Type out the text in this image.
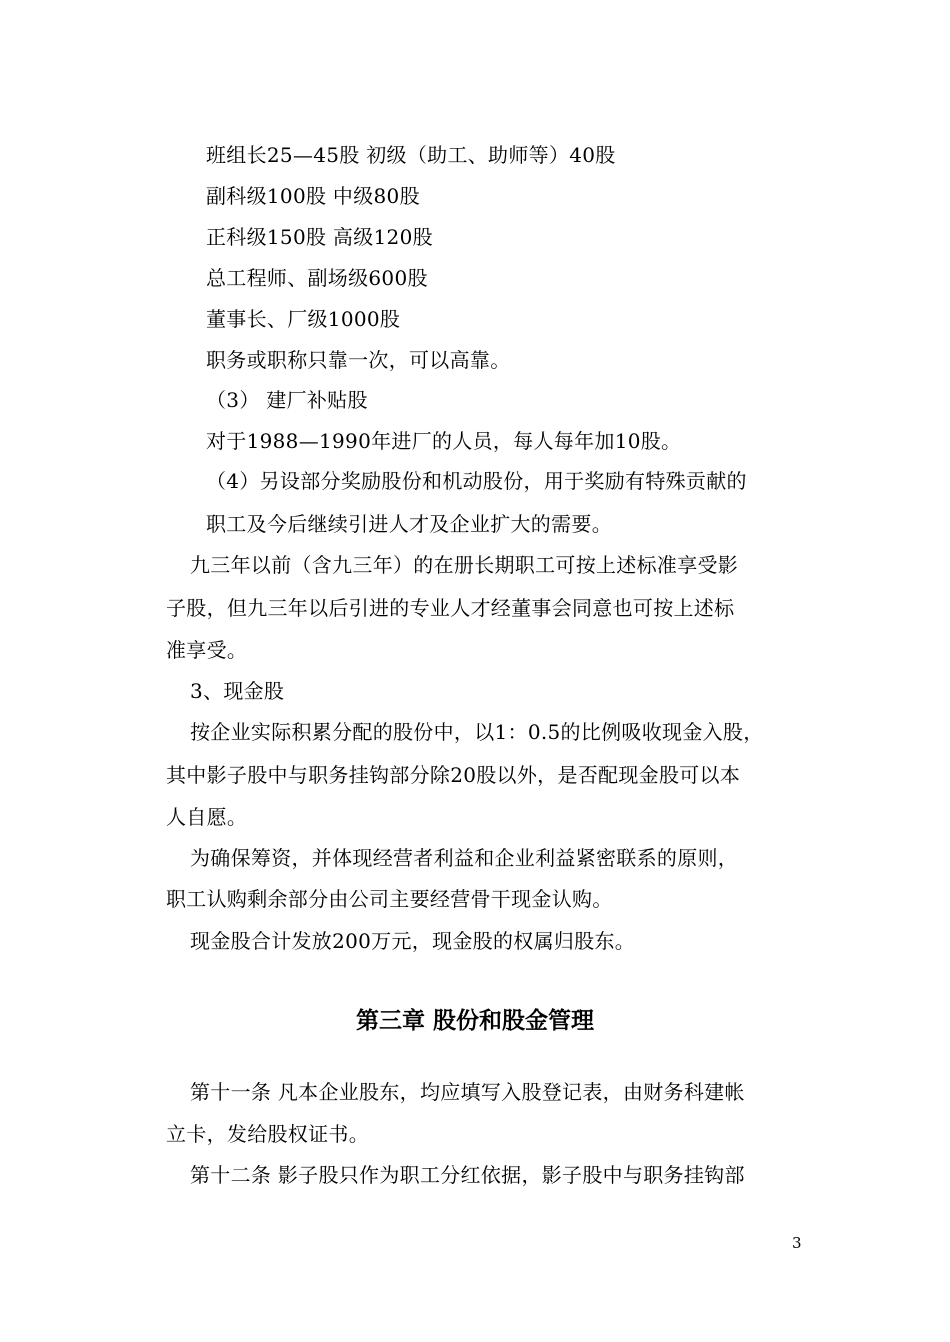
班组长25—45股 初级（助工、助师等）40股
副科级100股 中级80股
正科级150股 高级120股
总工程师、副场级600股
董事长、厂级1000股
职务或职称只靠一次，可以高靠。
（3） 建厂补贴股
对于1988—1990年进厂的人员，每人每年加10股。
（4）另设部分奖励股份和机动股份，用于奖励有特殊贡献的
职工及今后继续引进人才及企业扩大的需要。
九三年以前（含九三年）的在册长期职工可按上述标准享受影
子股，但九三年以后引进的专业人才经董事会同意也可按上述标
准享受。
3、现金股
按企业实际积累分配的股份中，以1：0.5的比例吸收现金入股，
其中影子股中与职务挂钩部分除20股以外，是否配现金股可以本
人自愿。
为确保筹资，并体现经营者利益和企业利益紧密联系的原则，
职工认购剩余部分由公司主要经营骨干现金认购。
现金股合计发放200万元，现金股的权属归股东。
第三章 股份和股金管理
第十一条 凡本企业股东，均应填写入股登记表，由财务科建帐
立卡，发给股权证书。
第十二条 影子股只作为职工分红依据，影子股中与职务挂钩部
3
